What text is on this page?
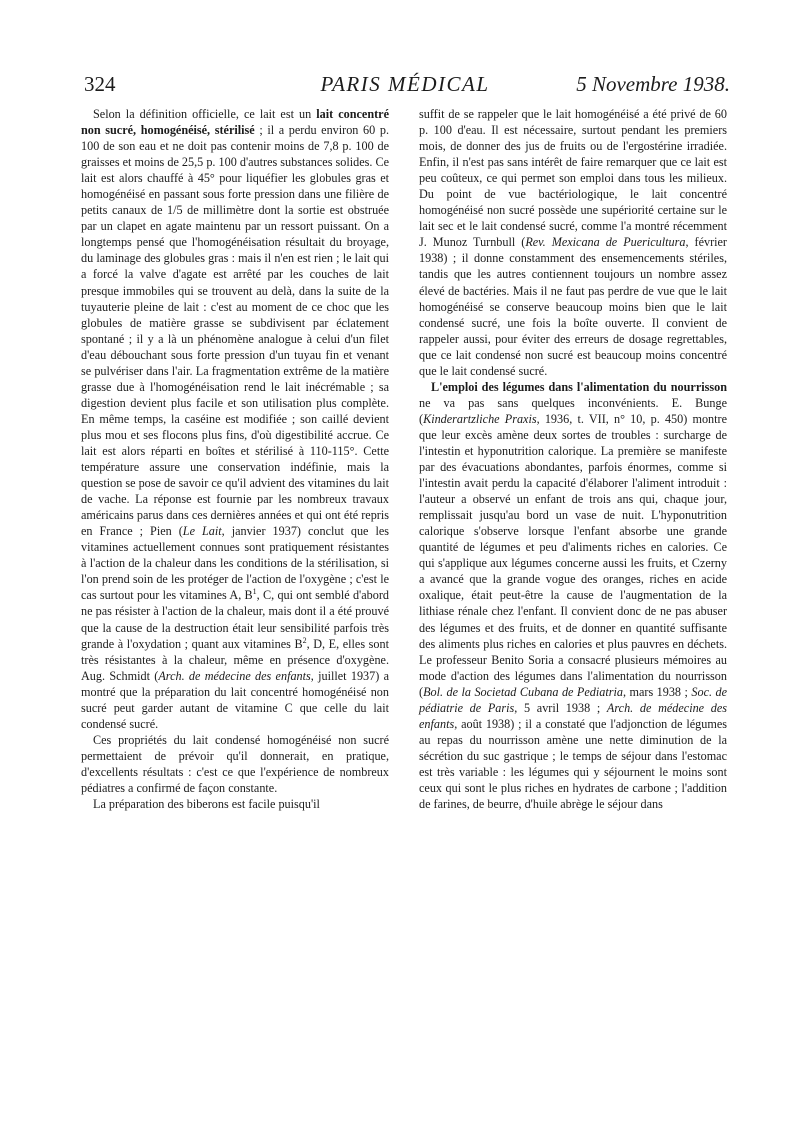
324	PARIS MÉDICAL	5 Novembre 1938.

Selon la définition officielle, ce lait est un lait concentré non sucré, homogénéisé, stérilisé ; il a perdu environ 60 p. 100 de son eau et ne doit pas contenir moins de 7,8 p. 100 de graisses et moins de 25,5 p. 100 d'autres substances solides. Ce lait est alors chauffé à 45° pour liquéfier les globules gras et homogénéisé en passant sous forte pression dans une filière de petits canaux de 1/5 de millimètre dont la sortie est obstruée par un clapet en agate maintenu par un ressort puissant. On a longtemps pensé que l'homogénéisation résultait du broyage, du laminage des globules gras : mais il n'en est rien ; le lait qui a forcé la valve d'agate est arrêté par les couches de lait presque immobiles qui se trouvent au delà, dans la suite de la tuyauterie pleine de lait : c'est au moment de ce choc que les globules de matière grasse se subdivisent par éclatement spontané ; il y a là un phénomène analogue à celui d'un filet d'eau débouchant sous forte pression d'un tuyau fin et venant se pulvériser dans l'air. La fragmentation extrême de la matière grasse due à l'homogénéisation rend le lait inécrémable ; sa digestion devient plus facile et son utilisation plus complète. En même temps, la caséine est modifiée ; son caillé devient plus mou et ses flocons plus fins, d'où digestibilité accrue. Ce lait est alors réparti en boîtes et stérilisé à 110-115°. Cette température assure une conservation indéfinie, mais la question se pose de savoir ce qu'il advient des vitamines du lait de vache. La réponse est fournie par les nombreux travaux américains parus dans ces dernières années et qui ont été repris en France ; Pien (Le Lait, janvier 1937) conclut que les vitamines actuellement connues sont pratiquement résistantes à l'action de la chaleur dans les conditions de la stérilisation, si l'on prend soin de les protéger de l'action de l'oxygène ; c'est le cas surtout pour les vitamines A, $B^1$, C, qui ont semblé d'abord ne pas résister à l'action de la chaleur, mais dont il a été prouvé que la cause de la destruction était leur sensibilité parfois très grande à l'oxydation ; quant aux vitamines $B^2$, D, E, elles sont très résistantes à la chaleur, même en présence d'oxygène. Aug. Schmidt (Arch. de médecine des enfants, juillet 1937) a montré que la préparation du lait concentré homogénéisé non sucré peut garder autant de vitamine C que celle du lait condensé sucré.

Ces propriétés du lait condensé homogénéisé non sucré permettaient de prévoir qu'il donnerait, en pratique, d'excellents résultats : c'est ce que l'expérience de nombreux pédiatres a confirmé de façon constante.

La préparation des biberons est facile puisqu'il

suffit de se rappeler que le lait homogénéisé a été privé de 60 p. 100 d'eau. Il est nécessaire, surtout pendant les premiers mois, de donner des jus de fruits ou de l'ergostérine irradiée. Enfin, il n'est pas sans intérêt de faire remarquer que ce lait est peu coûteux, ce qui permet son emploi dans tous les milieux. Du point de vue bactériologique, le lait concentré homogénéisé non sucré possède une supériorité certaine sur le lait sec et le lait condensé sucré, comme l'a montré récemment J. Munoz Turnbull (Rev. Mexicana de Puericultura, février 1938) ; il donne constamment des ensemencements stériles, tandis que les autres contiennent toujours un nombre assez élevé de bactéries. Mais il ne faut pas perdre de vue que le lait homogénéisé se conserve beaucoup moins bien que le lait condensé sucré, une fois la boîte ouverte. Il convient de rappeler aussi, pour éviter des erreurs de dosage regrettables, que ce lait condensé non sucré est beaucoup moins concentré que le lait condensé sucré.

L'emploi des légumes dans l'alimentation du nourrisson ne va pas sans quelques inconvénients. E. Bunge (Kinderartzliche Praxis, 1936, t. VII, n° 10, p. 450) montre que leur excès amène deux sortes de troubles : surcharge de l'intestin et hyponutrition calorique. La première se manifeste par des évacuations abondantes, parfois énormes, comme si l'intestin avait perdu la capacité d'élaborer l'aliment introduit : l'auteur a observé un enfant de trois ans qui, chaque jour, remplissait jusqu'au bord un vase de nuit. L'hyponutrition calorique s'observe lorsque l'enfant absorbe une grande quantité de légumes et peu d'aliments riches en calories. Ce qui s'applique aux légumes concerne aussi les fruits, et Czerny a avancé que la grande vogue des oranges, riches en acide oxalique, était peut-être la cause de l'augmentation de la lithiase rénale chez l'enfant. Il convient donc de ne pas abuser des légumes et des fruits, et de donner en quantité suffisante des aliments plus riches en calories et plus pauvres en déchets. Le professeur Benito Soria a consacré plusieurs mémoires au mode d'action des légumes dans l'alimentation du nourrisson (Bol. de la Societad Cubana de Pediatria, mars 1938 ; Soc. de pédiatrie de Paris, 5 avril 1938 ; Arch. de médecine des enfants, août 1938) ; il a constaté que l'adjonction de légumes au repas du nourrisson amène une nette diminution de la sécrétion du suc gastrique ; le temps de séjour dans l'estomac est très variable : les légumes qui y séjournent le moins sont ceux qui sont le plus riches en hydrates de carbone ; l'addition de farines, de beurre, d'huile abrège le séjour dans
